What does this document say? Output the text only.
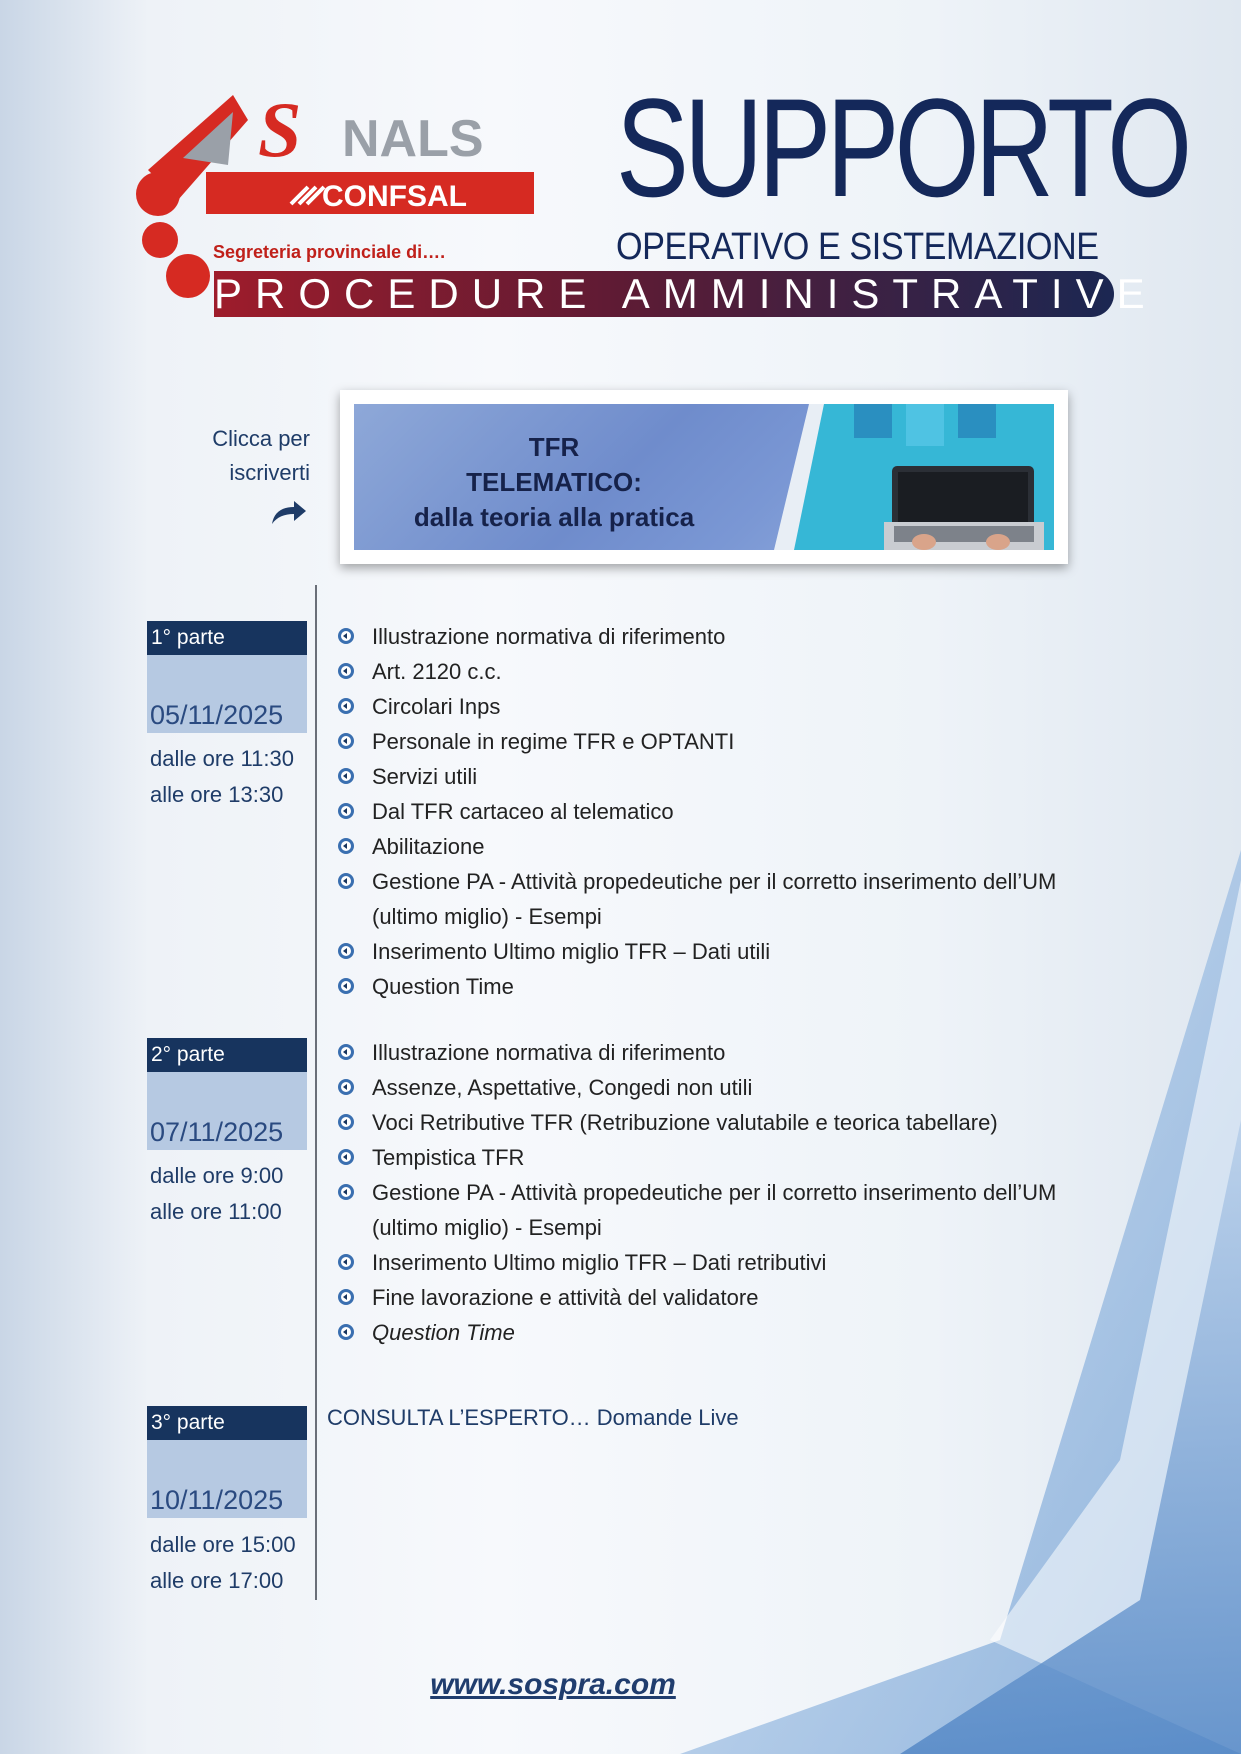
NALS
S
CONFSAL
Segreteria provinciale di….
SUPPORTO
OPERATIVO E SISTEMAZIONE
PROCEDURE AMMINISTRATIVE
Clicca per
iscriverti
TFR
TELEMATICO:
dalla teoria alla pratica
1° parte
05/11/2025
dalle ore 11:30
alle ore 13:30
Illustrazione normativa di riferimento
Art. 2120 c.c.
Circolari Inps
Personale in regime TFR e OPTANTI
Servizi utili
Dal TFR cartaceo al telematico
Abilitazione
Gestione PA - Attività propedeutiche per il corretto inserimento dell’UM
(ultimo miglio) - Esempi
Inserimento Ultimo miglio TFR – Dati utili
Question Time
2° parte
07/11/2025
dalle ore 9:00
alle ore 11:00
Illustrazione normativa di riferimento
Assenze, Aspettative, Congedi non utili
Voci Retributive TFR (Retribuzione valutabile e teorica tabellare)
Tempistica TFR
Gestione PA - Attività propedeutiche per il corretto inserimento dell’UM
(ultimo miglio) - Esempi
Inserimento Ultimo miglio TFR – Dati retributivi
Fine lavorazione e attività del validatore
Question Time
3° parte
10/11/2025
dalle ore 15:00
alle ore 17:00
CONSULTA L’ESPERTO… Domande Live
www.sospra.com
